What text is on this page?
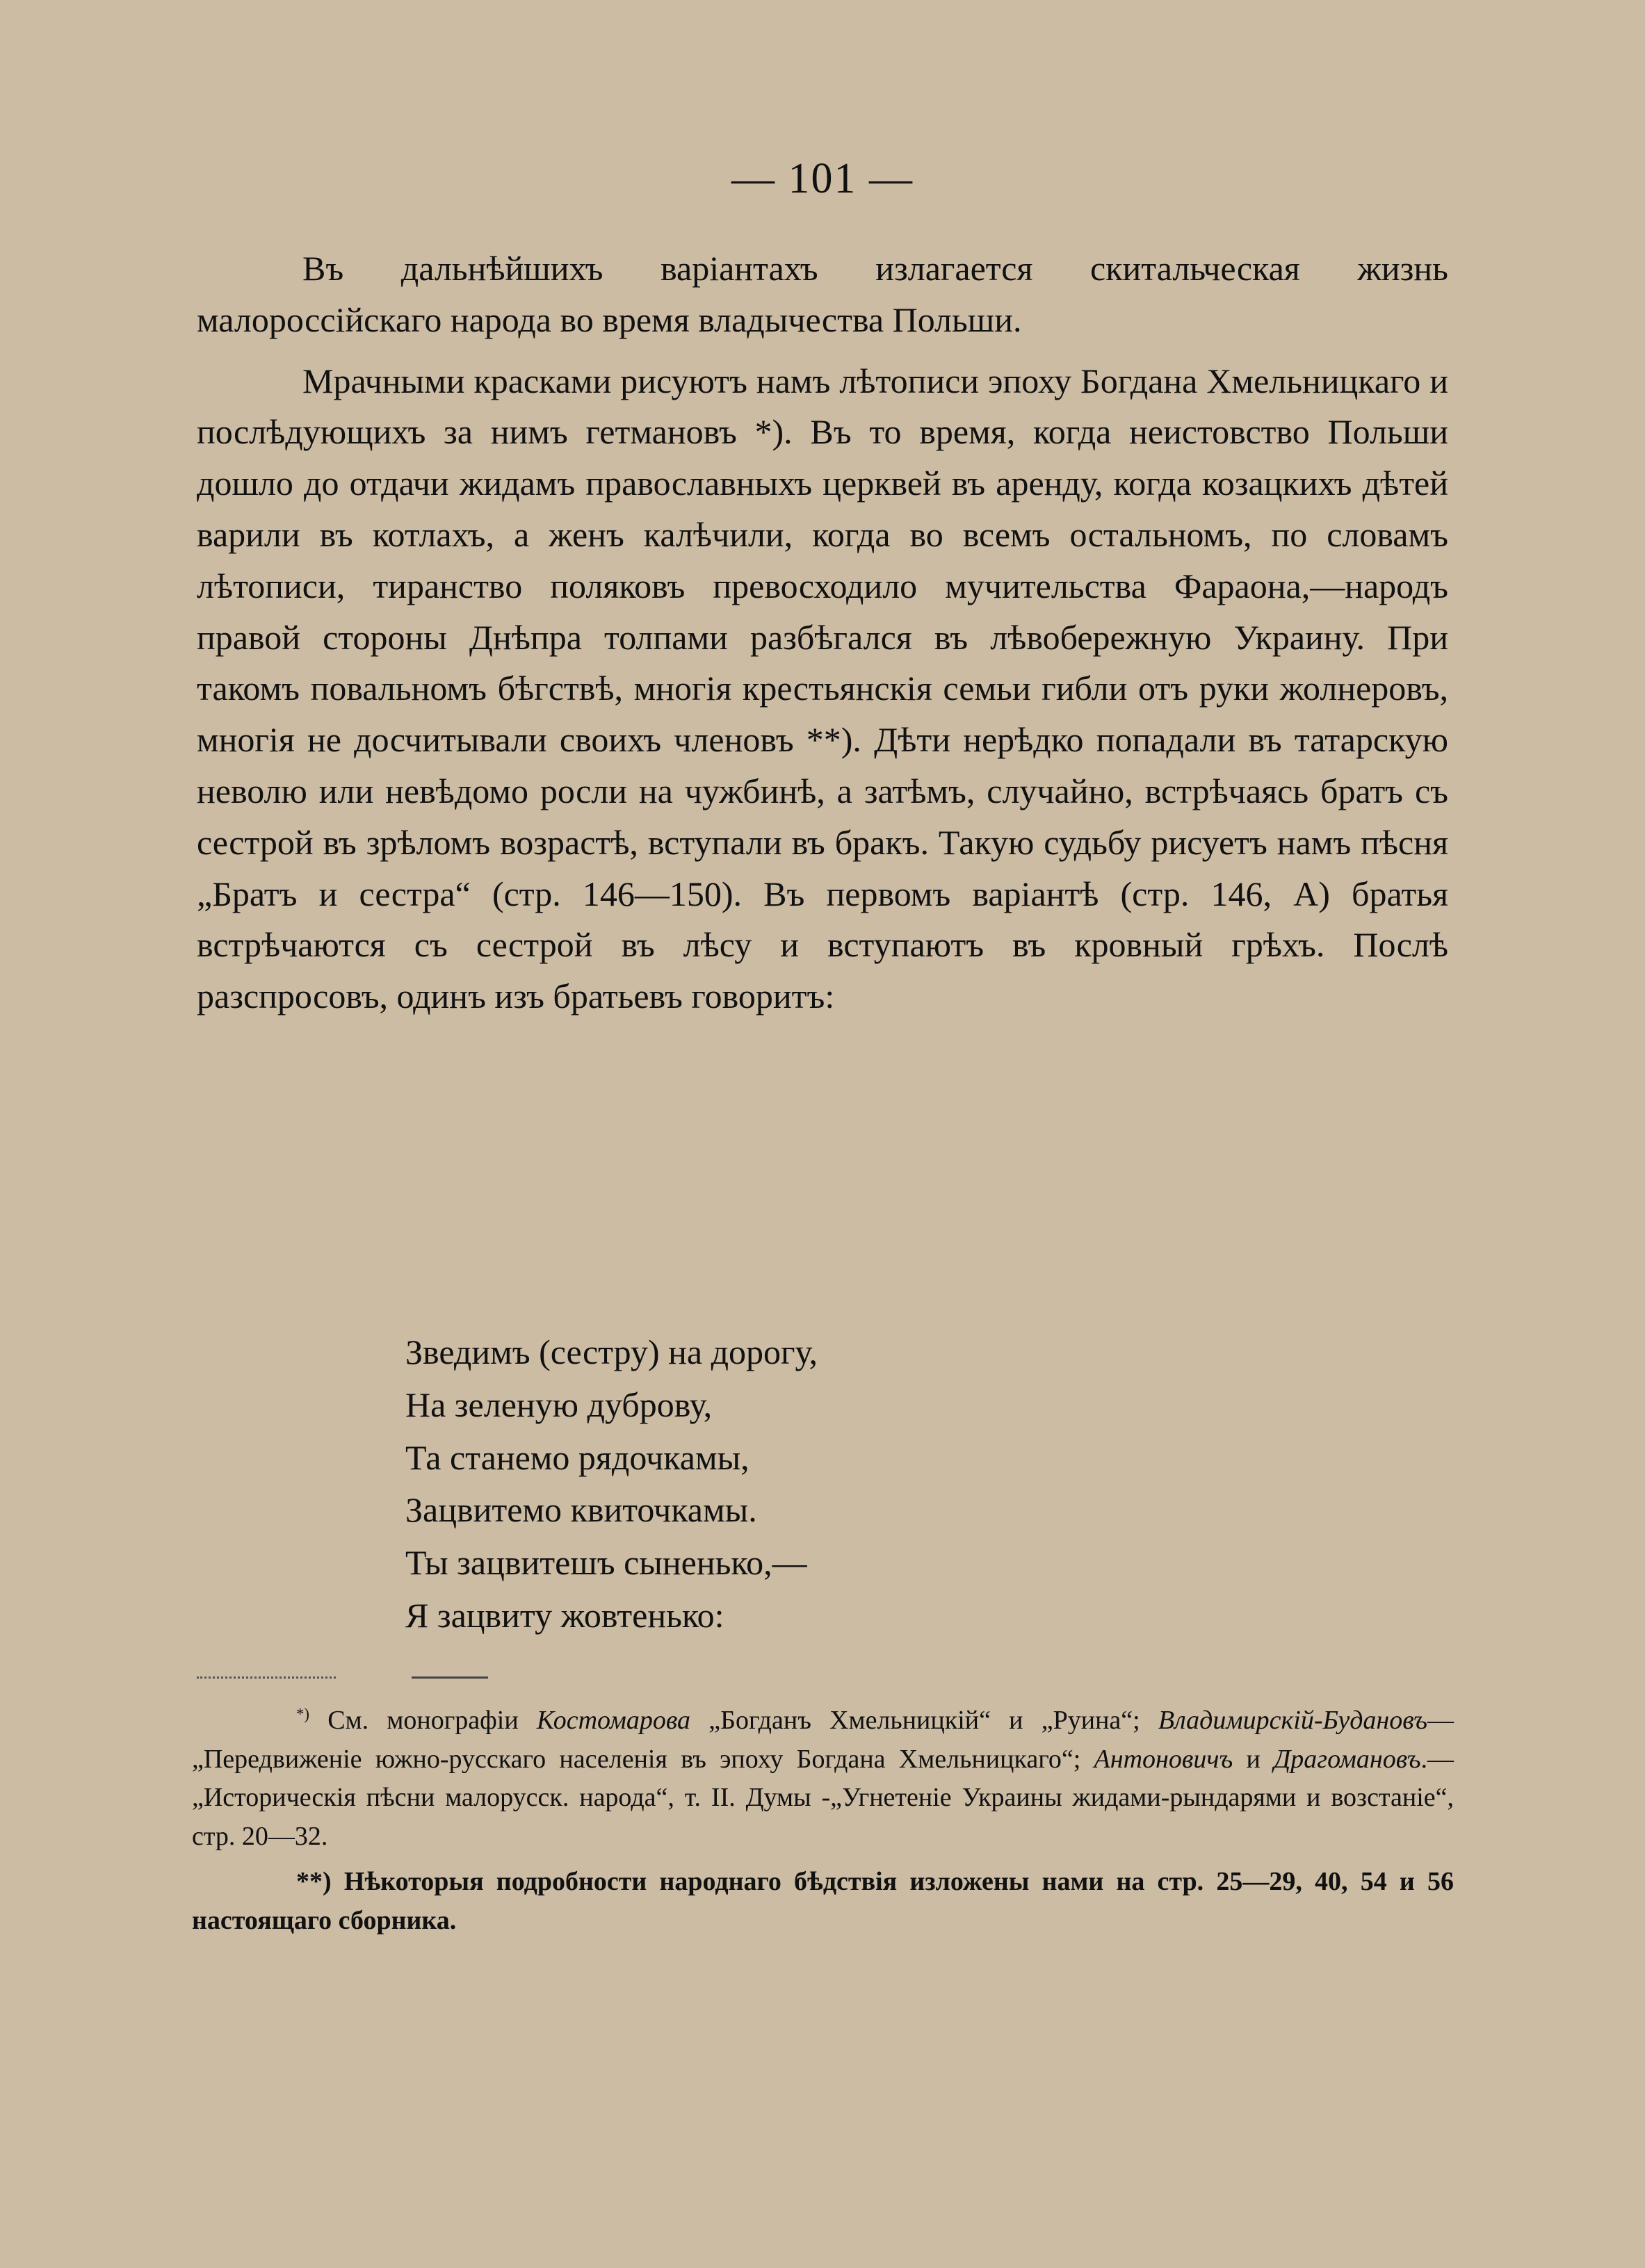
— 101 —

Въ дальнѣйшихъ варіантахъ излагается скитальческая жизнь малороссійскаго народа во время владычества Польши.

Мрачными красками рисуютъ намъ лѣтописи эпоху Богдана Хмельницкаго и послѣдующихъ за нимъ гетмановъ *). Въ то время, когда неистовство Польши дошло до отдачи жидамъ православныхъ церквей въ аренду, когда козацкихъ дѣтей варили въ котлахъ, а женъ калѣчили, когда во всемъ остальномъ, по словамъ лѣтописи, тиранство поляковъ превосходило мучительства Фараона,—народъ правой стороны Днѣпра толпами разбѣгался въ лѣвобережную Украину. При такомъ повальномъ бѣгствѣ, многія крестьянскія семьи гибли отъ руки жолнеровъ, многія не досчитывали своихъ членовъ **). Дѣти нерѣдко попадали въ татарскую неволю или невѣдомо росли на чужбинѣ, а затѣмъ, случайно, встрѣчаясь братъ съ сестрой въ зрѣломъ возрастѣ, вступали въ бракъ. Такую судьбу рисуетъ намъ пѣсня „Братъ и сестра“ (стр. 146—150). Въ первомъ варіантѣ (стр. 146, А) братья встрѣчаются съ сестрой въ лѣсу и вступаютъ въ кровный грѣхъ. Послѣ разспросовъ, одинъ изъ братьевъ говоритъ:

Зведимъ (сестру) на дорогу,
На зеленую дуброву,
Та станемо рядочкамы,
Зацвитемо квиточкамы.
Ты зацвитешъ сыненько,—
Я зацвиту жовтенько:

*) См. монографіи Костомарова „Богданъ Хмельницкій“ и „Руина“; Владимирскій-Будановъ— „Передвиженіе южно-русскаго населенія въ эпоху Богдана Хмельницкаго“; Антоновичъ и Драгомановъ.—„Историческія пѣсни малорусск. народа“, т. II. Думы -„Угнетеніе Украины жидами-рындарями и возстаніе“, стр. 20—32.

**) Нѣкоторыя подробности народнаго бѣдствія изложены нами на стр. 25—29, 40, 54 и 56 настоящаго сборника.
